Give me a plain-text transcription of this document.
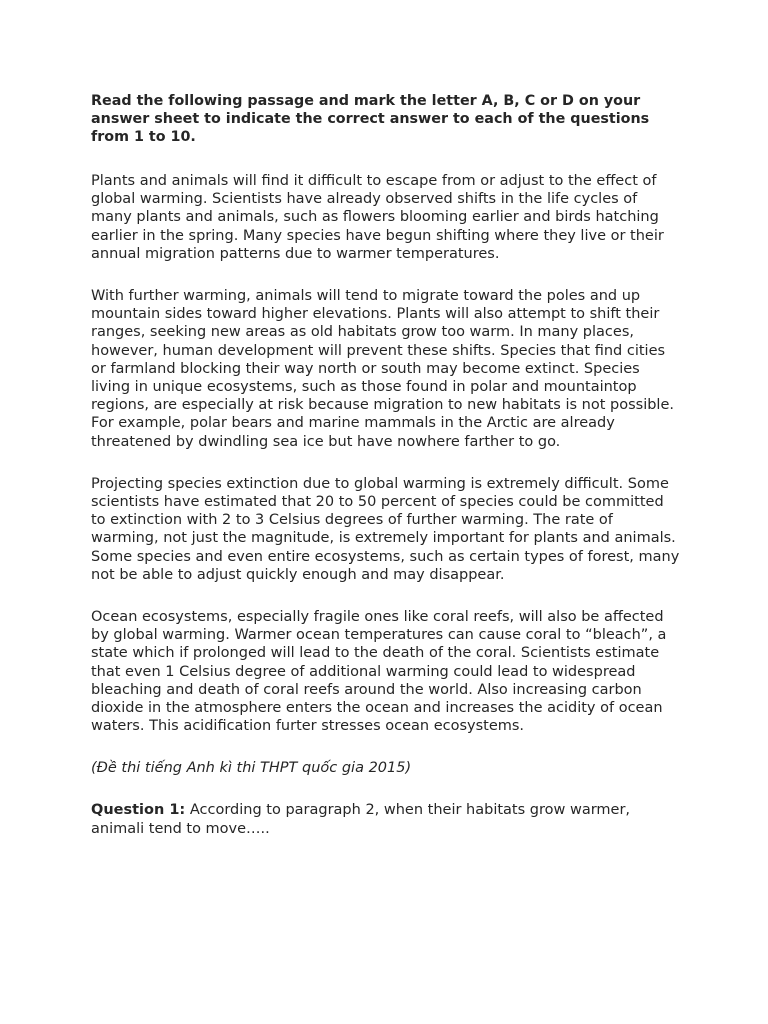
Read the following passage and mark the letter A, B, C or D on your answer sheet to indicate the correct answer to each of the questions from 1 to 10.

Plants and animals will find it difficult to escape from or adjust to the effect of global warming. Scientists have already observed shifts in the life cycles of many plants and animals, such as flowers blooming earlier and birds hatching earlier in the spring. Many species have begun shifting where they live or their annual migration patterns due to warmer temperatures.

With further warming, animals will tend to migrate toward the poles and up mountain sides toward higher elevations. Plants will also attempt to shift their ranges, seeking new areas as old habitats grow too warm. In many places, however, human development will prevent these shifts. Species that find cities or farmland blocking their way north or south may become extinct. Species living in unique ecosystems, such as those found in polar and mountaintop regions, are especially at risk because migration to new habitats is not possible. For example, polar bears and marine mammals in the Arctic are already threatened by dwindling sea ice but have nowhere farther to go.

Projecting species extinction due to global warming is extremely difficult. Some scientists have estimated that 20 to 50 percent of species could be committed to extinction with 2 to 3 Celsius degrees of further warming. The rate of warming, not just the magnitude, is extremely important for plants and animals. Some species and even entire ecosystems, such as certain types of forest, many not be able to adjust quickly enough and may disappear.

Ocean ecosystems, especially fragile ones like coral reefs, will also be affected by global warming. Warmer ocean temperatures can cause coral to “bleach”, a state which if prolonged will lead to the death of the coral. Scientists estimate that even 1 Celsius degree of additional warming could lead to widespread bleaching and death of coral reefs around the world. Also increasing carbon dioxide in the atmosphere enters the ocean and increases the acidity of ocean waters. This acidification furter stresses ocean ecosystems.

(Đề thi tiếng Anh kì thi THPT quốc gia 2015)

Question 1: According to paragraph 2, when their habitats grow warmer, animali tend to move…..
